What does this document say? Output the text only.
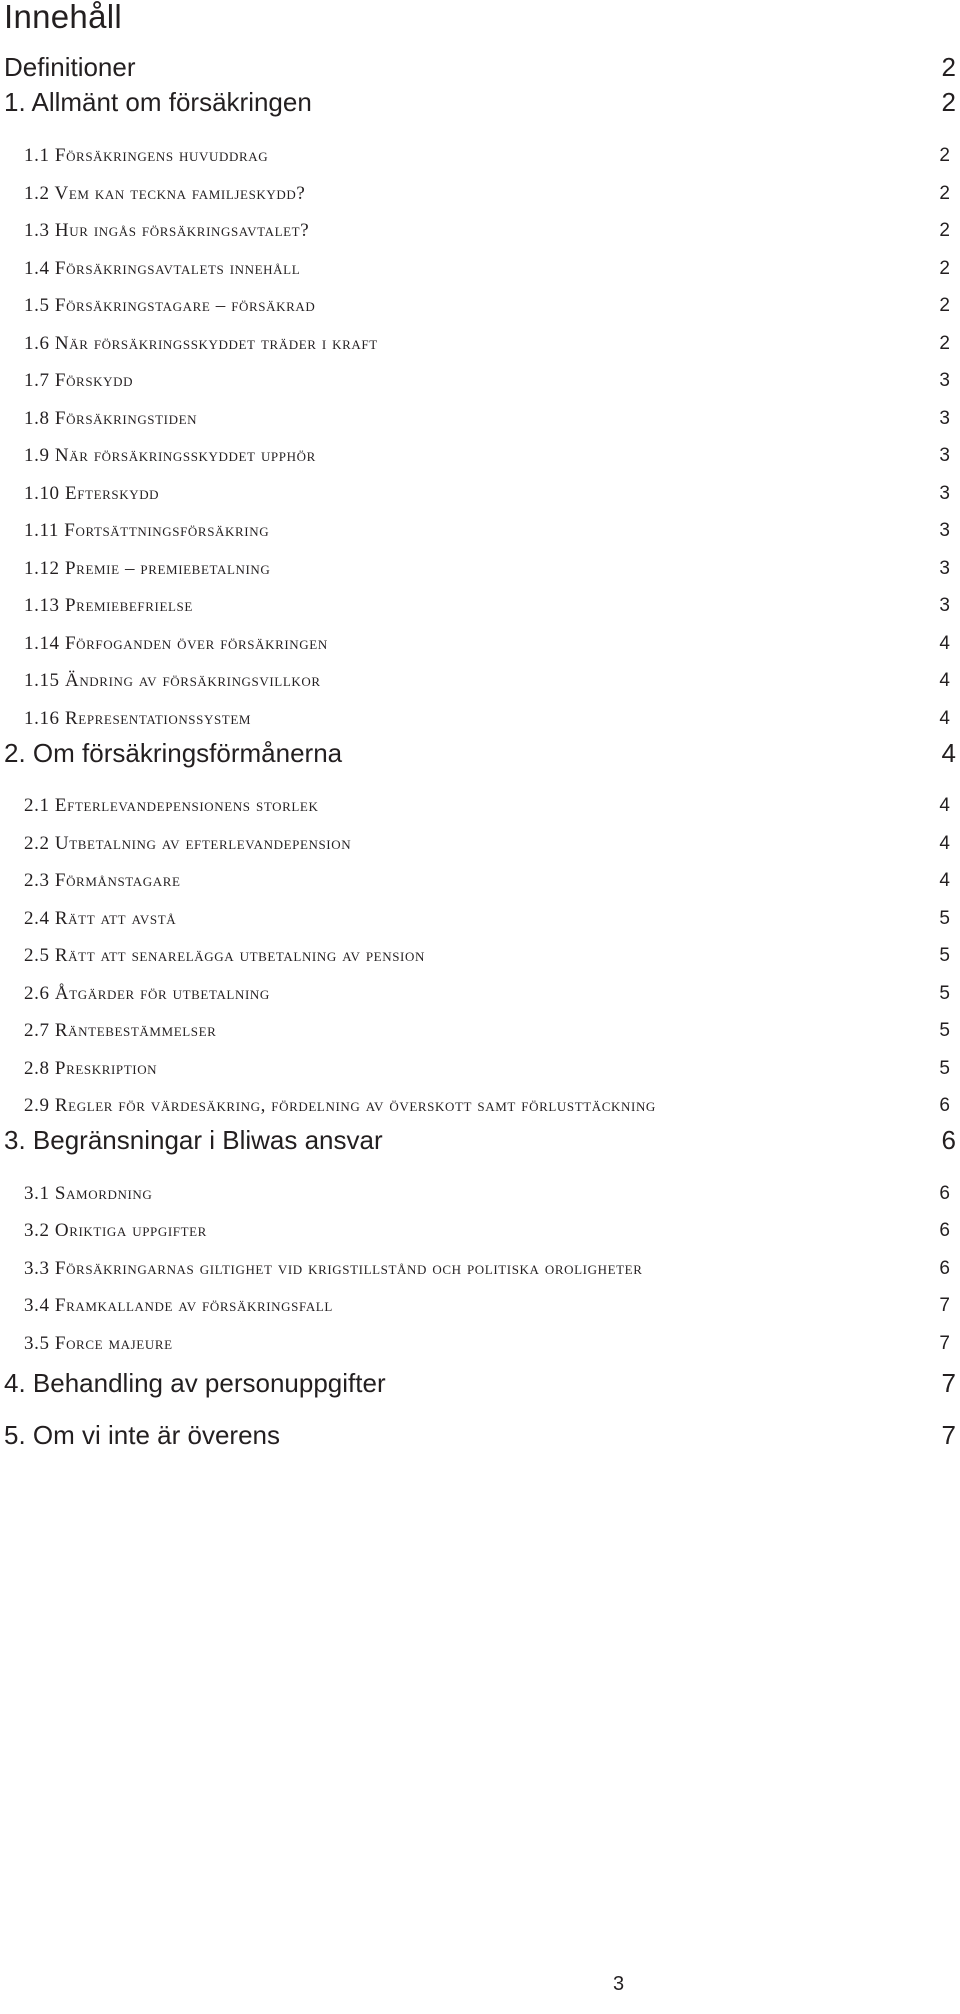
Innehåll
Definitioner	2
1. Allmänt om försäkringen	2
1.1 Försäkringens huvuddrag	2
1.2 Vem kan teckna familjeskydd?	2
1.3 Hur ingås försäkringsavtalet?	2
1.4 Försäkringsavtalets innehåll	2
1.5 Försäkringstagare – försäkrad	2
1.6 När försäkringsskyddet träder i kraft	2
1.7 Förskydd	3
1.8 Försäkringstiden	3
1.9 När försäkringsskyddet upphör	3
1.10 Efterskydd	3
1.11 Fortsättningsförsäkring	3
1.12 Premie – premiebetalning	3
1.13 Premiebefrielse	3
1.14 Förfoganden över försäkringen	4
1.15 Ändring av försäkringsvillkor	4
1.16 Representationssystem	4
2. Om försäkringsförmånerna	4
2.1 Efterlevandepensionens storlek	4
2.2 Utbetalning av efterlevandepension	4
2.3 Förmånstagare	4
2.4 Rätt att avstå	5
2.5 Rätt att senarelägga utbetalning av pension	5
2.6 Åtgärder för utbetalning	5
2.7 Räntebestämmelser	5
2.8 Preskription	5
2.9 Regler för värdesäkring, fördelning av överskott samt förlusttäckning	6
3. Begränsningar i Bliwas ansvar	6
3.1 Samordning	6
3.2 Oriktiga uppgifter	6
3.3 Försäkringarnas giltighet vid krigstillstånd och politiska oroligheter	6
3.4 Framkallande av försäkringsfall	7
3.5 Force majeure	7
4. Behandling av personuppgifter	7
5. Om vi inte är överens	7
3
